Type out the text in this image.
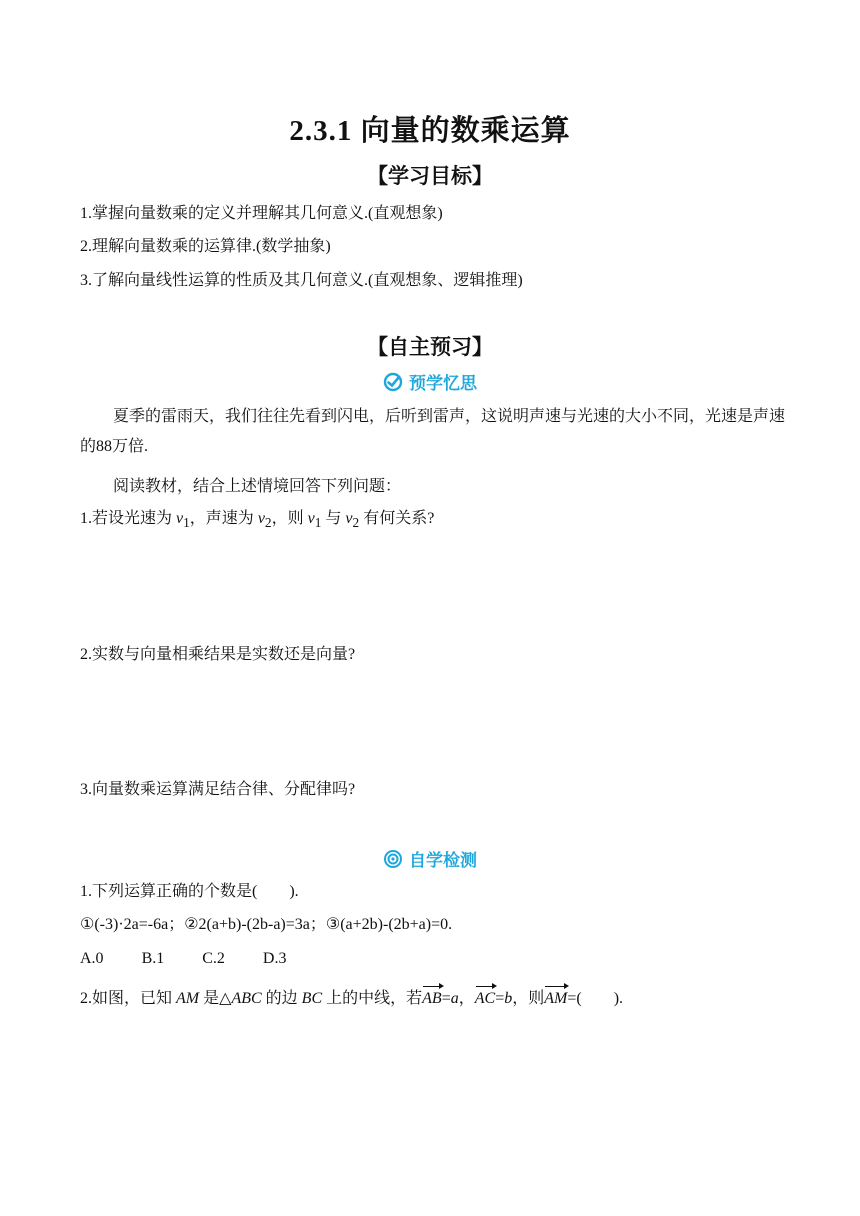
2.3.1 向量的数乘运算
【学习目标】
1.掌握向量数乘的定义并理解其几何意义.(直观想象)
2.理解向量数乘的运算律.(数学抽象)
3.了解向量线性运算的性质及其几何意义.(直观想象、逻辑推理)
【自主预习】
预学忆思
夏季的雷雨天，我们往往先看到闪电，后听到雷声，这说明声速与光速的大小不同，光速是声速的88万倍.
阅读教材，结合上述情境回答下列问题：
1.若设光速为 $v_1$，声速为 $v_2$，则 $v_1$ 与 $v_2$ 有何关系?
2.实数与向量相乘结果是实数还是向量?
3.向量数乘运算满足结合律、分配律吗?
自学检测
1.下列运算正确的个数是(　　).
①(-3)·2a=-6a；②2(a+b)-(2b-a)=3a；③(a+2b)-(2b+a)=0.
A.0 B.1 C.2 D.3
2.如图，已知 AM 是△ABC 的边 BC 上的中线，若AB=a，AC=b，则AM=(　　).
